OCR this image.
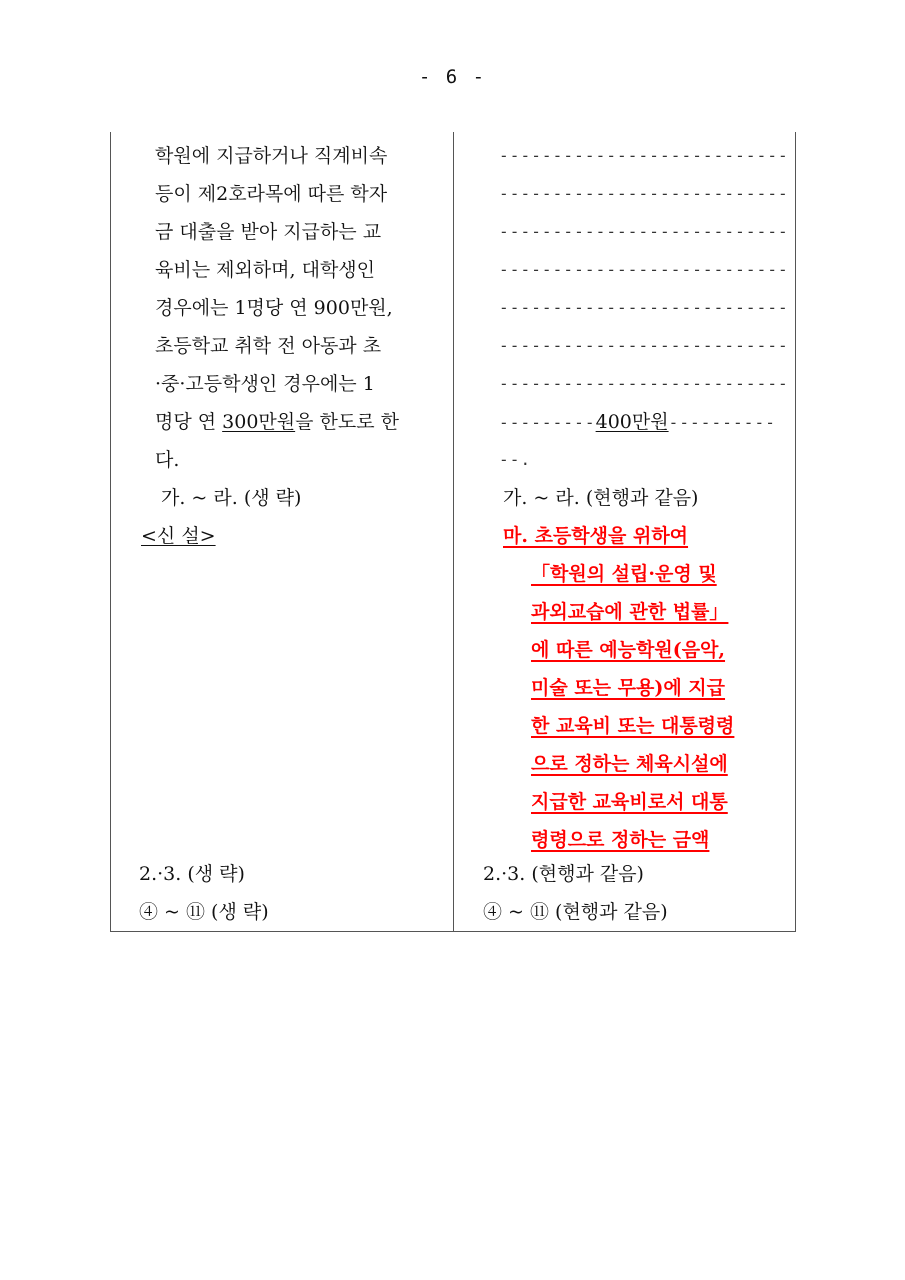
- 6 -
학원에 지급하거나 직계비속
등이 제2호라목에 따른 학자
금 대출을 받아 지급하는 교
육비는 제외하며, 대학생인
경우에는 1명당 연 900만원,
초등학교 취학 전 아동과 초
·중·고등학생인 경우에는 1
명당 연 300만원을 한도로 한
다.
가. ~ 라. (생 략)
<신 설>
2.·3. (생 략)
④ ~ ⑪ (생 략)
---------------------------
---------------------------
---------------------------
---------------------------
---------------------------
---------------------------
---------------------------
---------400만원----------
--.
가. ~ 라. (현행과 같음)
마. 초등학생을 위하여
「학원의 설립·운영 및
과외교습에 관한 법률」
에 따른 예능학원(음악,
미술 또는 무용)에 지급
한 교육비 또는 대통령령
으로 정하는 체육시설에
지급한 교육비로서 대통
령령으로 정하는 금액
2.·3. (현행과 같음)
④ ~ ⑪ (현행과 같음)
